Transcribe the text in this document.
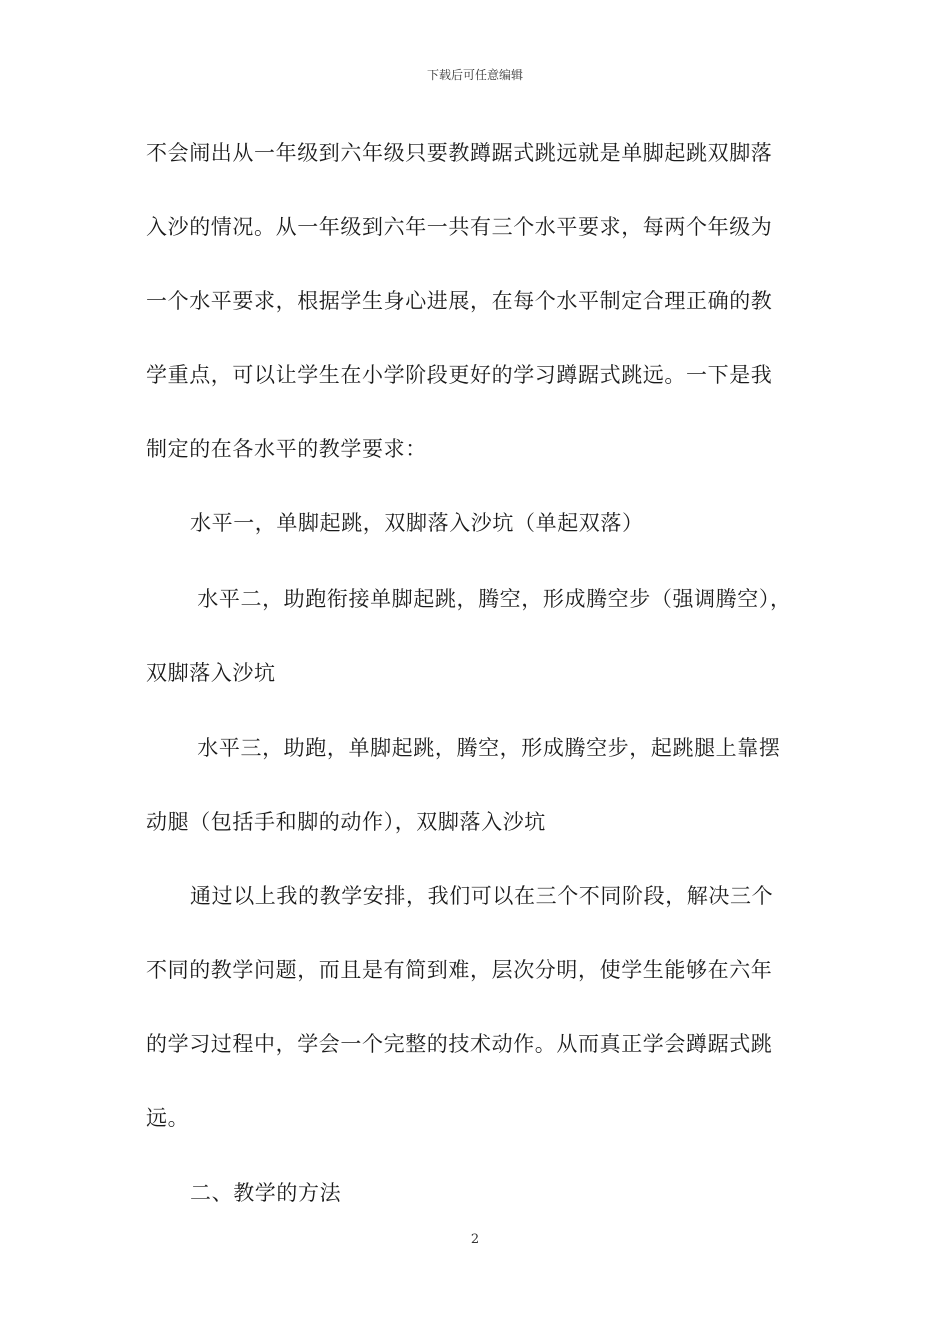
下载后可任意编辑
不会闹出从一年级到六年级只要教蹲踞式跳远就是单脚起跳双脚落
入沙的情况。从一年级到六年一共有三个水平要求，每两个年级为
一个水平要求，根据学生身心进展，在每个水平制定合理正确的教
学重点，可以让学生在小学阶段更好的学习蹲踞式跳远。一下是我
制定的在各水平的教学要求：
水平一，单脚起跳，双脚落入沙坑（单起双落）
水平二，助跑衔接单脚起跳，腾空，形成腾空步（强调腾空），
双脚落入沙坑
水平三，助跑，单脚起跳，腾空，形成腾空步，起跳腿上靠摆
动腿（包括手和脚的动作），双脚落入沙坑
通过以上我的教学安排，我们可以在三个不同阶段，解决三个
不同的教学问题，而且是有简到难，层次分明，使学生能够在六年
的学习过程中，学会一个完整的技术动作。从而真正学会蹲踞式跳
远。
二、教学的方法
2
